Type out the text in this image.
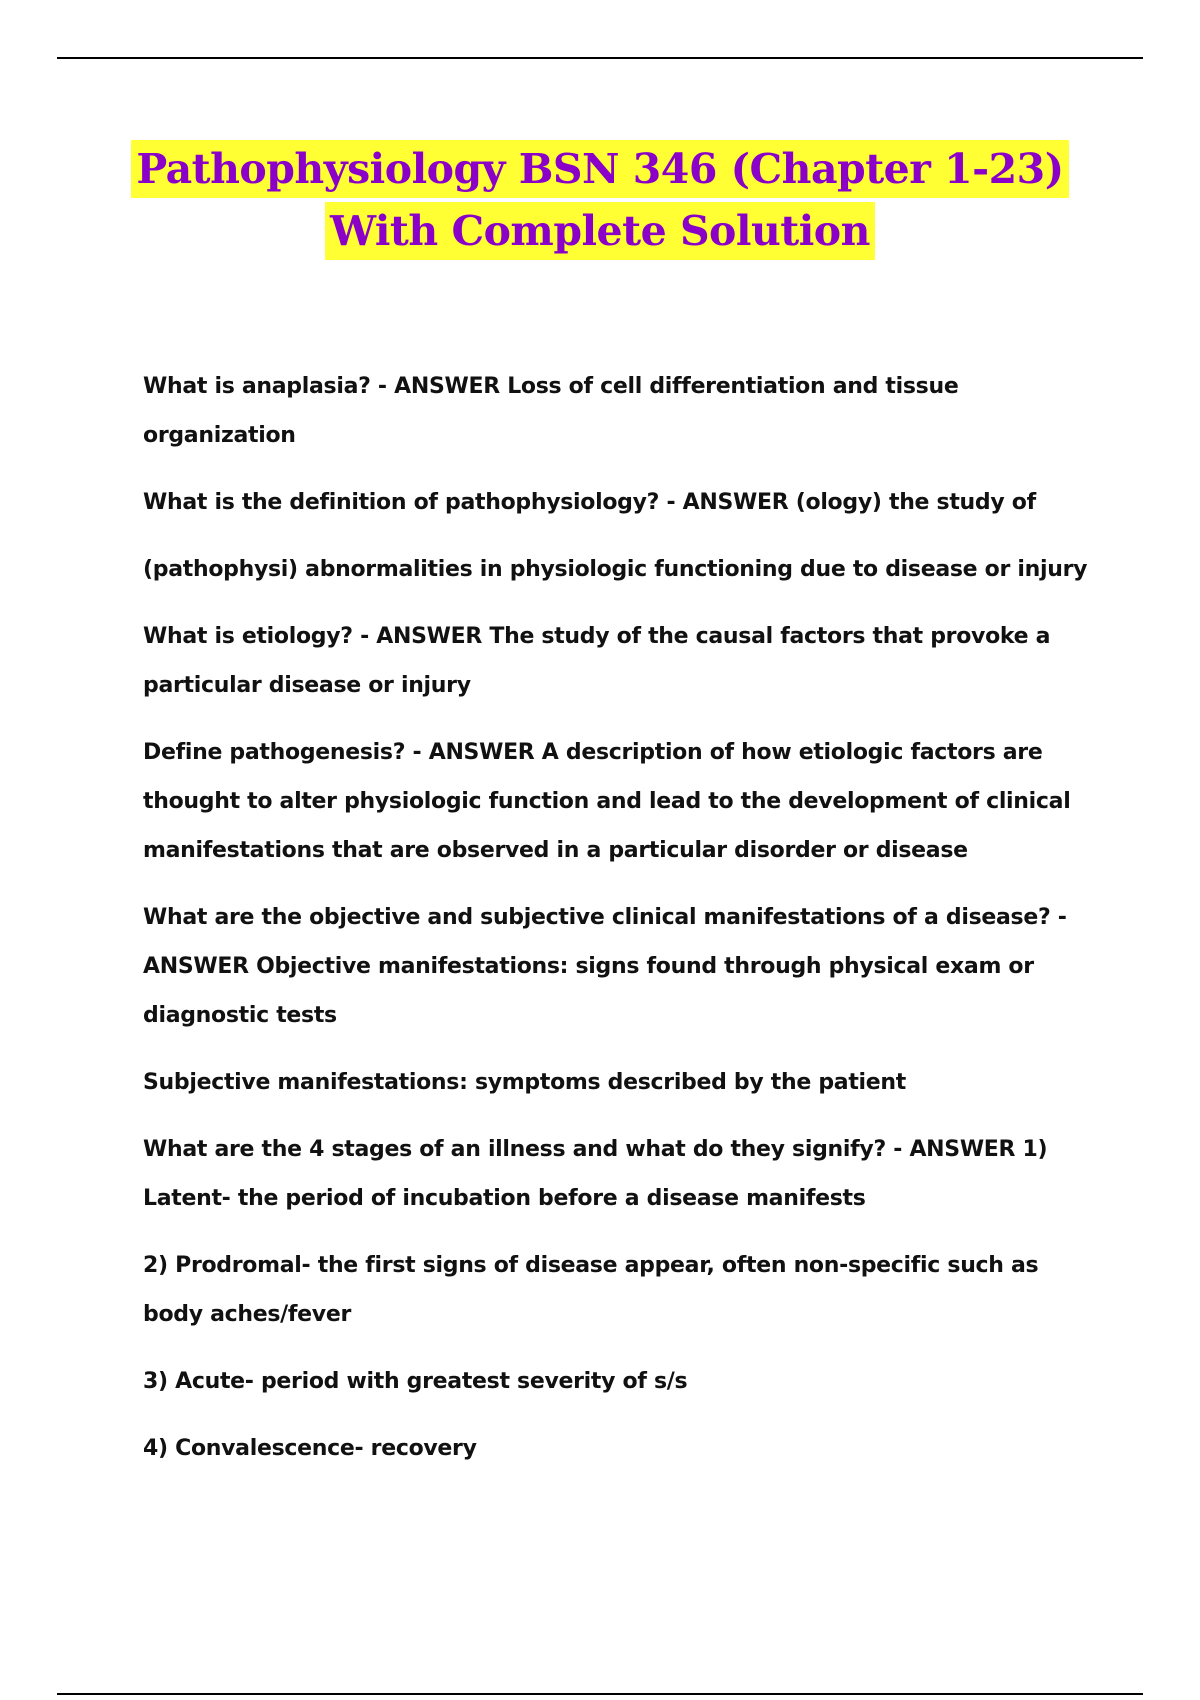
Pathophysiology BSN 346 (Chapter 1-23)
With Complete Solution

What is anaplasia? - ANSWER Loss of cell differentiation and tissue organization

What is the definition of pathophysiology? - ANSWER (ology) the study of

(pathophysi) abnormalities in physiologic functioning due to disease or injury

What is etiology? - ANSWER The study of the causal factors that provoke a particular disease or injury

Define pathogenesis? - ANSWER A description of how etiologic factors are thought to alter physiologic function and lead to the development of clinical manifestations that are observed in a particular disorder or disease

What are the objective and subjective clinical manifestations of a disease? - ANSWER Objective manifestations: signs found through physical exam or diagnostic tests

Subjective manifestations: symptoms described by the patient

What are the 4 stages of an illness and what do they signify? - ANSWER 1) Latent- the period of incubation before a disease manifests

2) Prodromal- the first signs of disease appear, often non-specific such as body aches/fever

3) Acute- period with greatest severity of s/s

4) Convalescence- recovery
